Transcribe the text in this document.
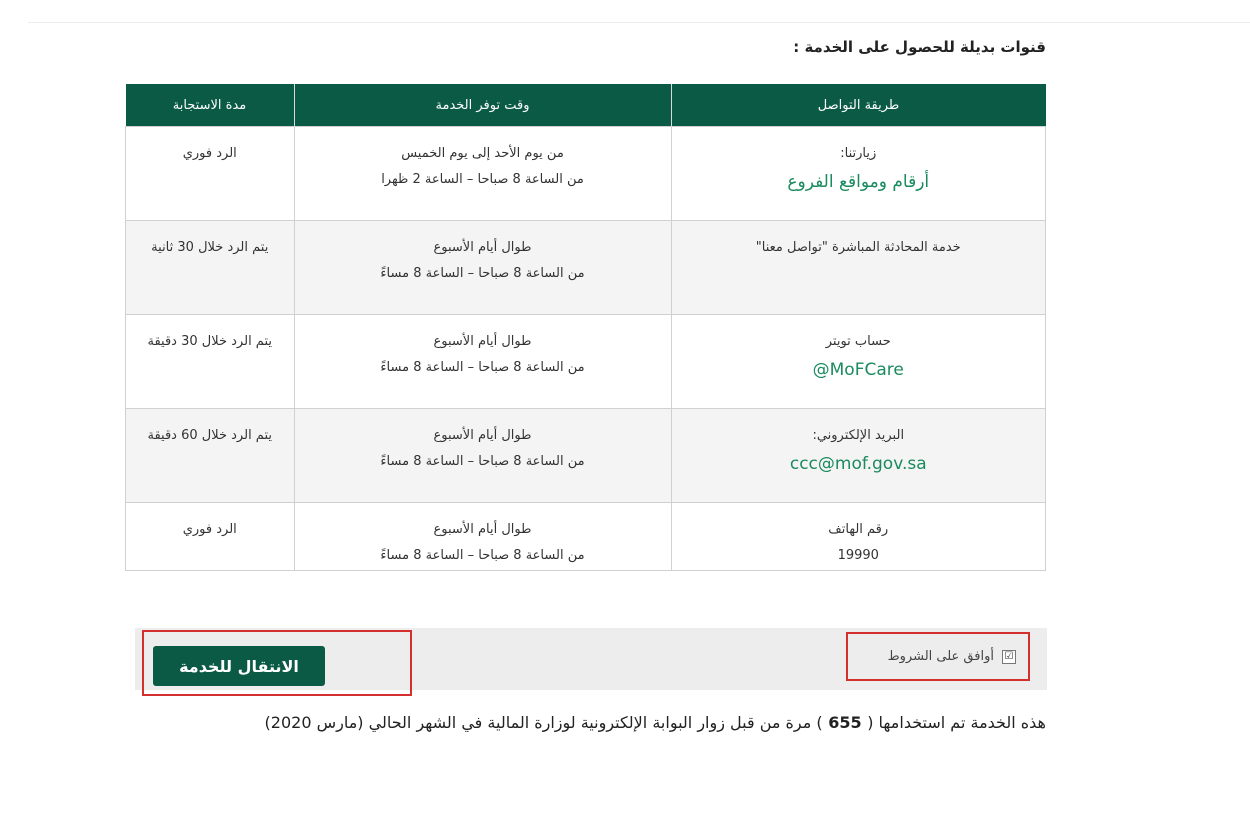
قنوات بديلة للحصول على الخدمة :
طريقة التواصل	وقت توفر الخدمة	مدة الاستجابة

زيارتنا:
أرقام ومواقع الفروع	من يوم الأحد إلى يوم الخميس
من الساعة 8 صباحا – الساعة 2 ظهرا	الرد فوري

خدمة المحادثة المباشرة "تواصل معنا"	طوال أيام الأسبوع
من الساعة 8 صباحا – الساعة 8 مساءً	يتم الرد خلال 30 ثانية

حساب تويتر
MoFCare@	طوال أيام الأسبوع
من الساعة 8 صباحا – الساعة 8 مساءً	يتم الرد خلال 30 دقيقة

البريد الإلكتروني:
ccc@mof.gov.sa	طوال أيام الأسبوع
من الساعة 8 صباحا – الساعة 8 مساءً	يتم الرد خلال 60 دقيقة

رقم الهاتف
19990	طوال أيام الأسبوع
من الساعة 8 صباحا – الساعة 8 مساءً	الرد فوري
هذه الخدمة تم استخدامها ( 655 ) مرة من قبل زوار البوابة الإلكترونية لوزارة المالية في الشهر الحالي (مارس 2020)
☑
أوافق على الشروط
الانتقال للخدمة
